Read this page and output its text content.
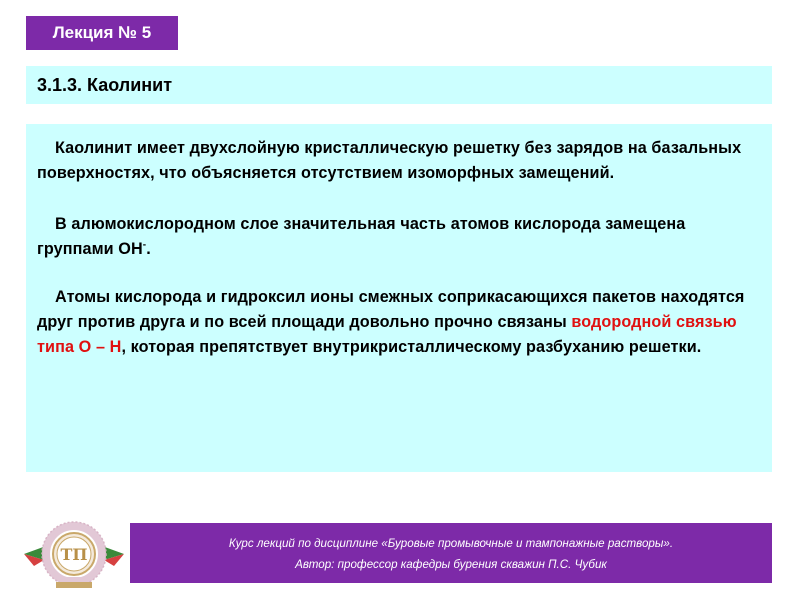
Лекция № 5
3.1.3. Каолинит

Каолинит имеет двухслойную кристаллическую решетку без зарядов на базальных поверхностях, что объясняется отсутствием изоморфных замещений.

В алюмокислородном слое значительная часть атомов кислорода замещена группами ОН-.

Атомы кислорода и гидроксил ионы смежных соприкасающихся пакетов находятся друг против друга и по всей площади довольно прочно связаны водородной связью типа О – Н, которая препятствует внутрикристаллическому разбуханию решетки.

ТП
Курс лекций по дисциплине «Буровые промывочные и тампонажные растворы».
Автор: профессор кафедры бурения скважин П.С. Чубик
